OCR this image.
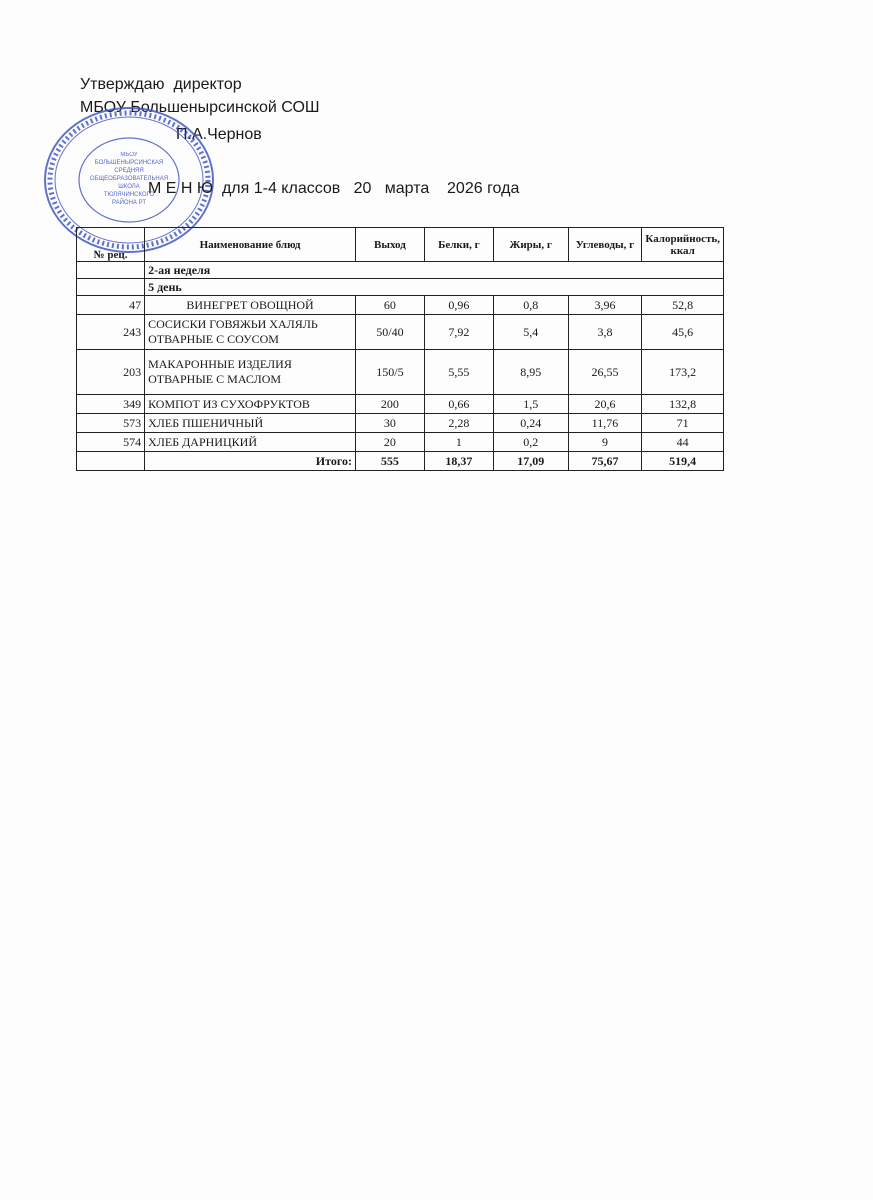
Утверждаю  директор
МБОУ Большенырсинской СОШ
П.А.Чернов
МБОУ
БОЛЬШЕНЫРСИНСКАЯ
СРЕДНЯЯ
ОБЩЕОБРАЗОВАТЕЛЬНАЯ
ШКОЛА
ТЮЛЯЧИНСКОГО
РАЙОНА РТ
М Е Н Ю  для 1-4 классов   20   марта    2026 года
№ рец.	Наименование блюд	Выход	Белки, г	Жиры, г	Углеводы, г	Калорийность, ккал
	2-ая неделя					
	5 день					
47	ВИНЕГРЕТ ОВОЩНОЙ	60	0,96	0,8	3,96	52,8
243	СОСИСКИ ГОВЯЖЬИ ХАЛЯЛЬ ОТВАРНЫЕ С СОУСОМ	50/40	7,92	5,4	3,8	45,6
203	МАКАРОННЫЕ ИЗДЕЛИЯ ОТВАРНЫЕ С МАСЛОМ	150/5	5,55	8,95	26,55	173,2
349	КОМПОТ ИЗ СУХОФРУКТОВ	200	0,66	1,5	20,6	132,8
573	ХЛЕБ ПШЕНИЧНЫЙ	30	2,28	0,24	11,76	71
574	ХЛЕБ ДАРНИЦКИЙ	20	1	0,2	9	44
	Итого:	555	18,37	17,09	75,67	519,4
